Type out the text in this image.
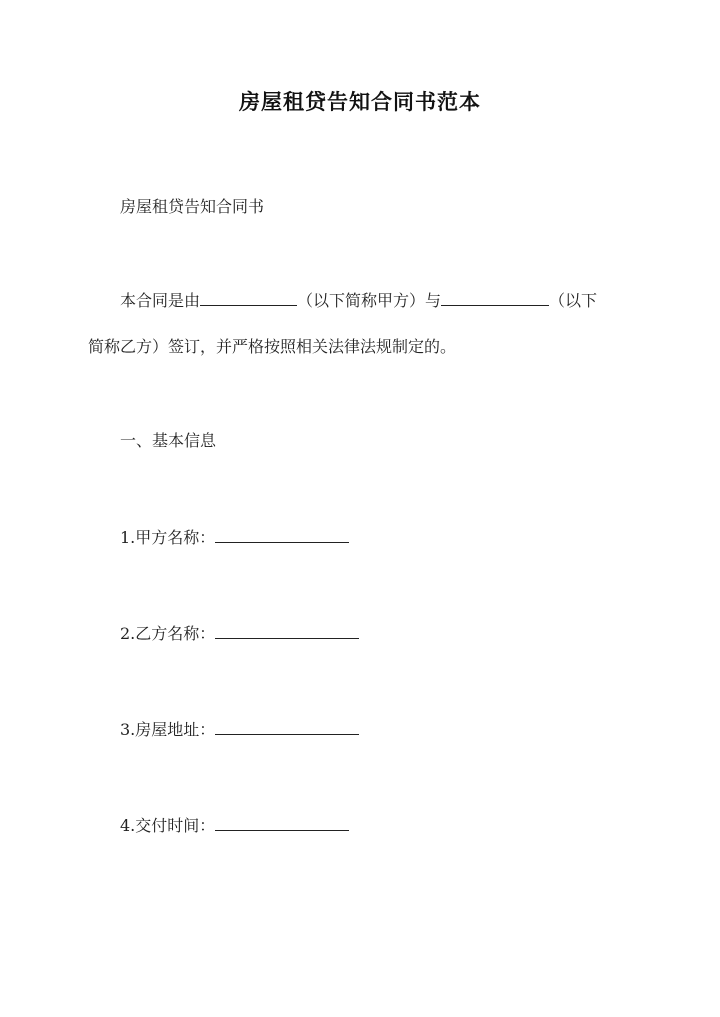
房屋租贷告知合同书范本
房屋租贷告知合同书
本合同是由	（以下简称甲方）与	（以下
简称乙方）签订，并严格按照相关法律法规制定的。
一、基本信息
1.甲方名称：
2.乙方名称：
3.房屋地址：
4.交付时间：
